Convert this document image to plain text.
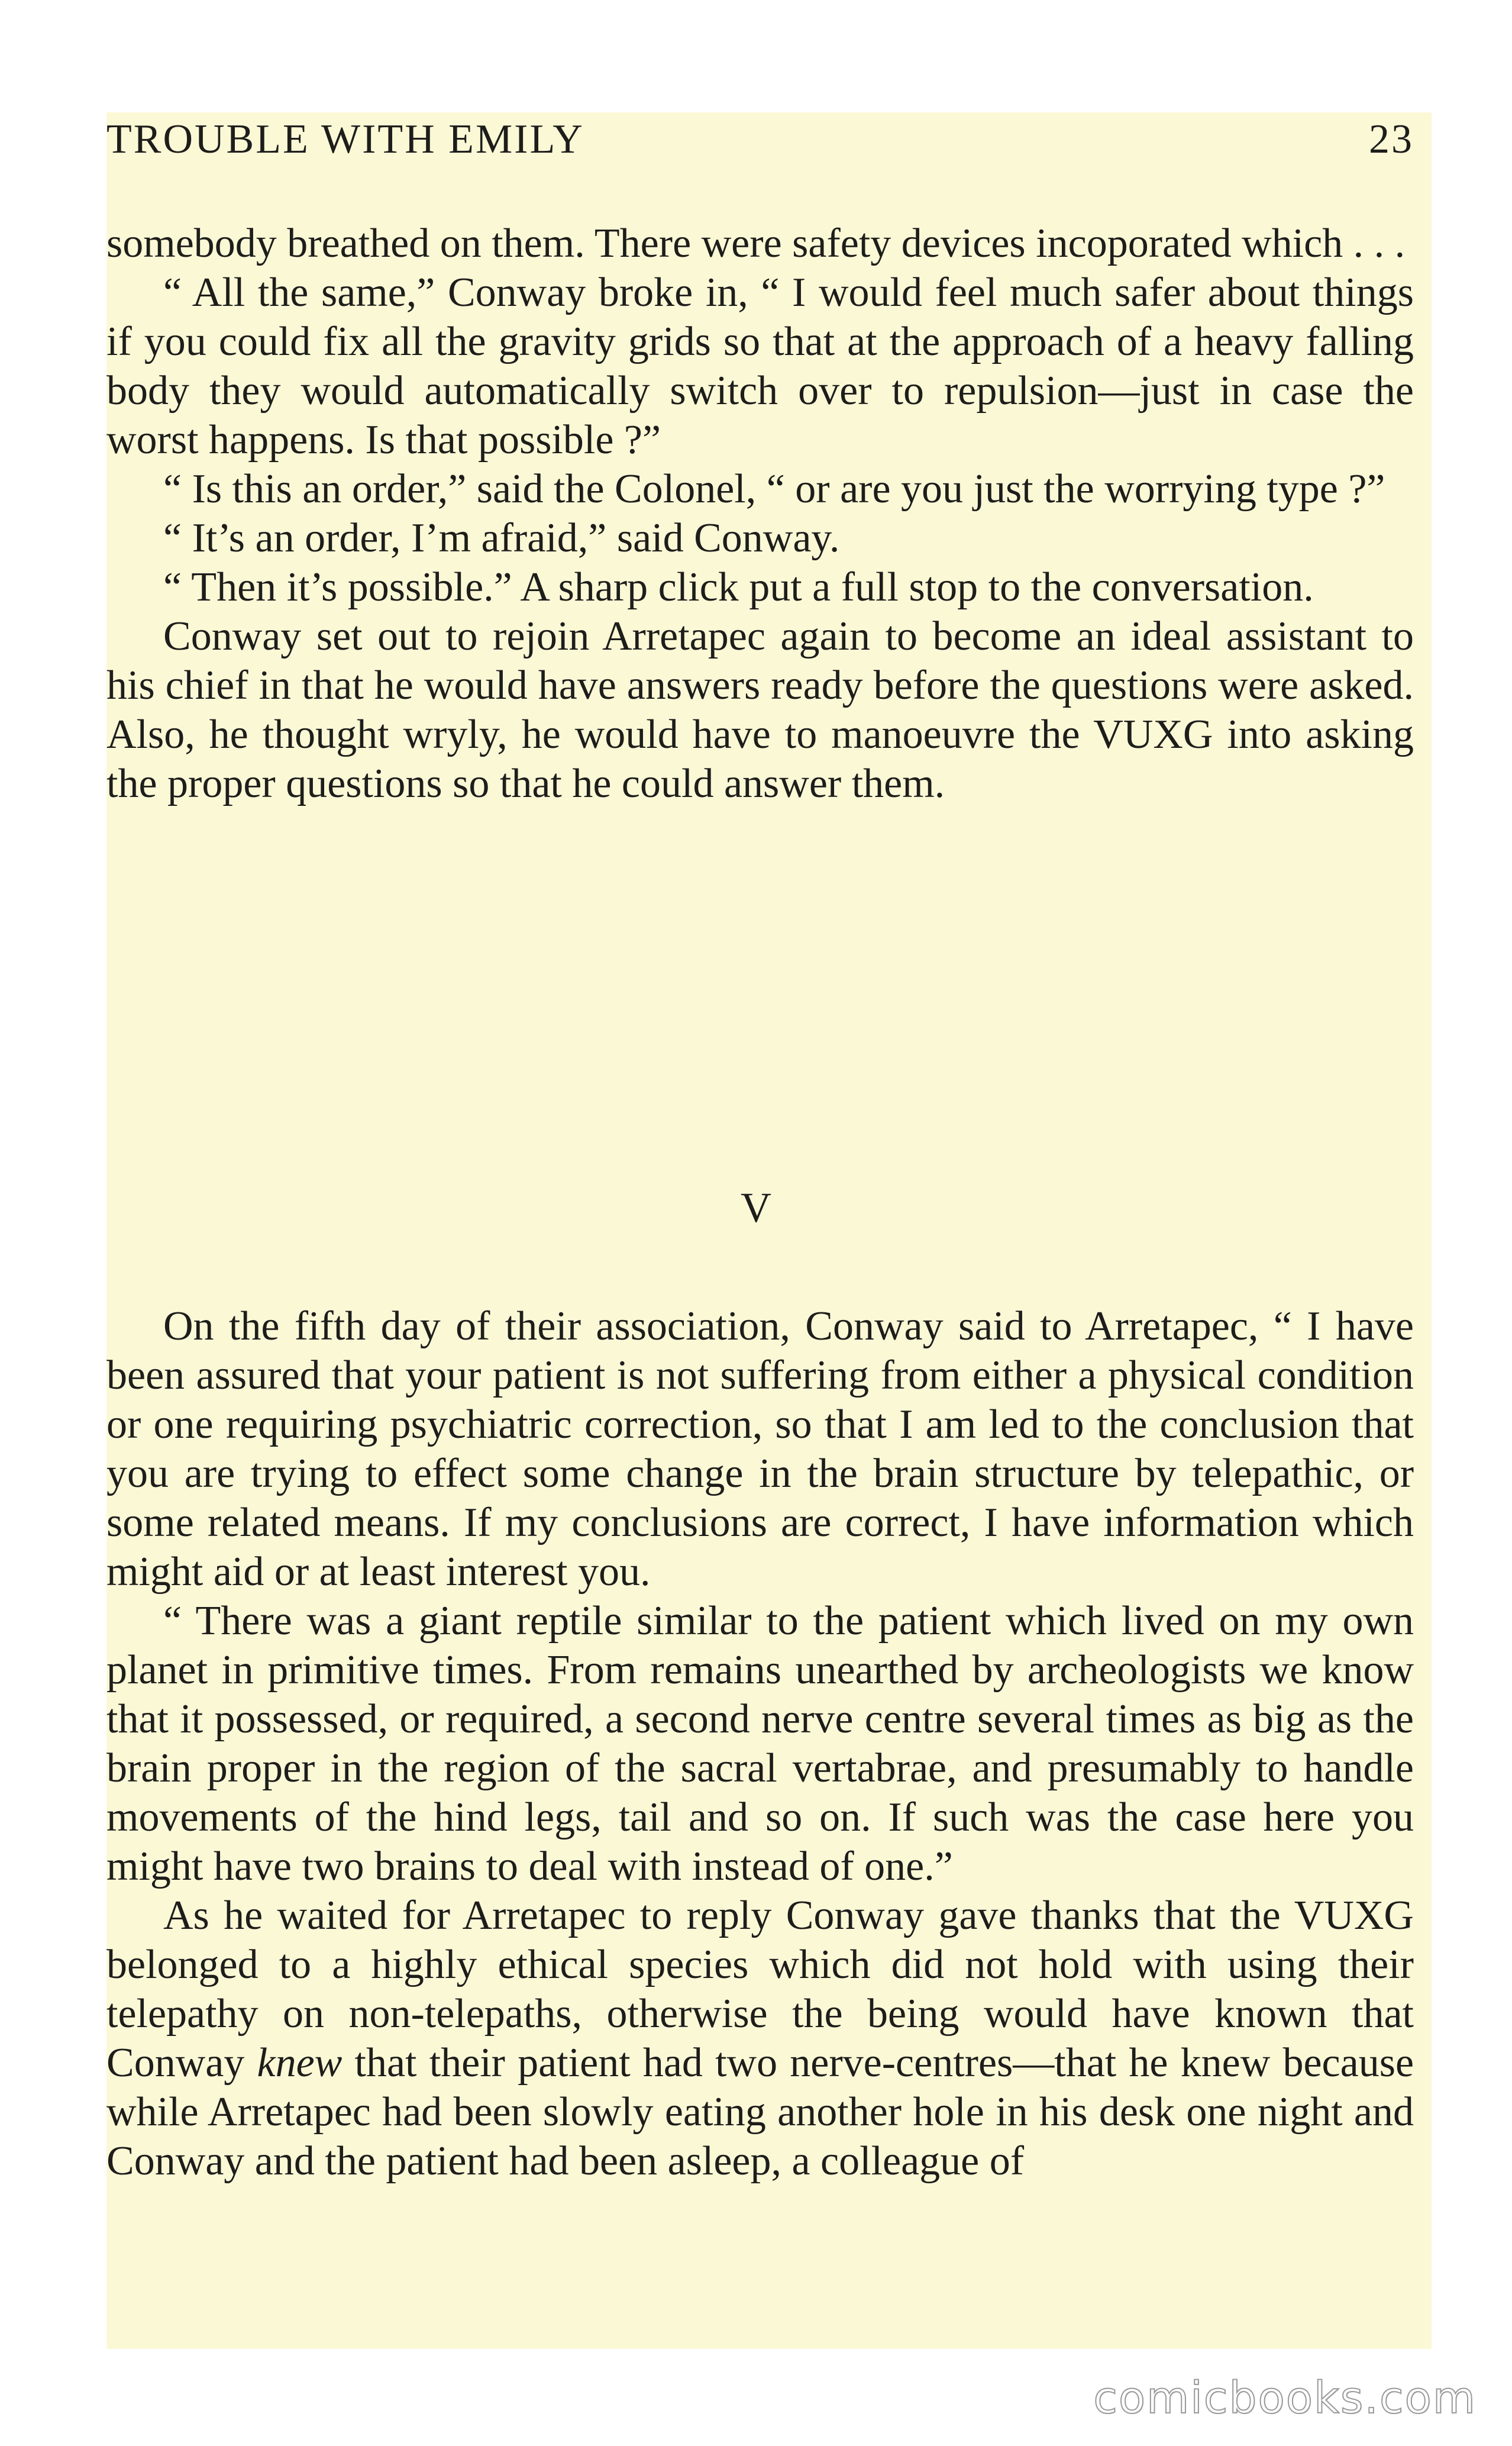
TROUBLE WITH EMILY	23

somebody breathed on them. There were safety devices incoporated which . . .

“ All the same,” Conway broke in, “ I would feel much safer about things if you could fix all the gravity grids so that at the approach of a heavy falling body they would automatically switch over to repulsion—just in case the worst happens. Is that possible ?”

“ Is this an order,” said the Colonel, “ or are you just the worrying type ?”

“ It’s an order, I’m afraid,” said Conway.

“ Then it’s possible.” A sharp click put a full stop to the conversation.

Conway set out to rejoin Arretapec again to become an ideal assistant to his chief in that he would have answers ready before the questions were asked. Also, he thought wryly, he would have to manoeuvre the VUXG into asking the proper questions so that he could answer them.

V

On the fifth day of their association, Conway said to Arretapec, “ I have been assured that your patient is not suffering from either a physical condition or one requiring psychiatric correction, so that I am led to the conclusion that you are trying to effect some change in the brain structure by telepathic, or some related means. If my conclusions are correct, I have information which might aid or at least interest you.

“ There was a giant reptile similar to the patient which lived on my own planet in primitive times. From remains unearthed by archeologists we know that it possessed, or required, a second nerve centre several times as big as the brain proper in the region of the sacral vertabrae, and presumably to handle movements of the hind legs, tail and so on. If such was the case here you might have two brains to deal with instead of one.”

As he waited for Arretapec to reply Conway gave thanks that the VUXG belonged to a highly ethical species which did not hold with using their telepathy on non-telepaths, otherwise the being would have known that Conway knew that their patient had two nerve-centres—that he knew because while Arretapec had been slowly eating another hole in his desk one night and Conway and the patient had been asleep, a colleague of

comicbooks.com
